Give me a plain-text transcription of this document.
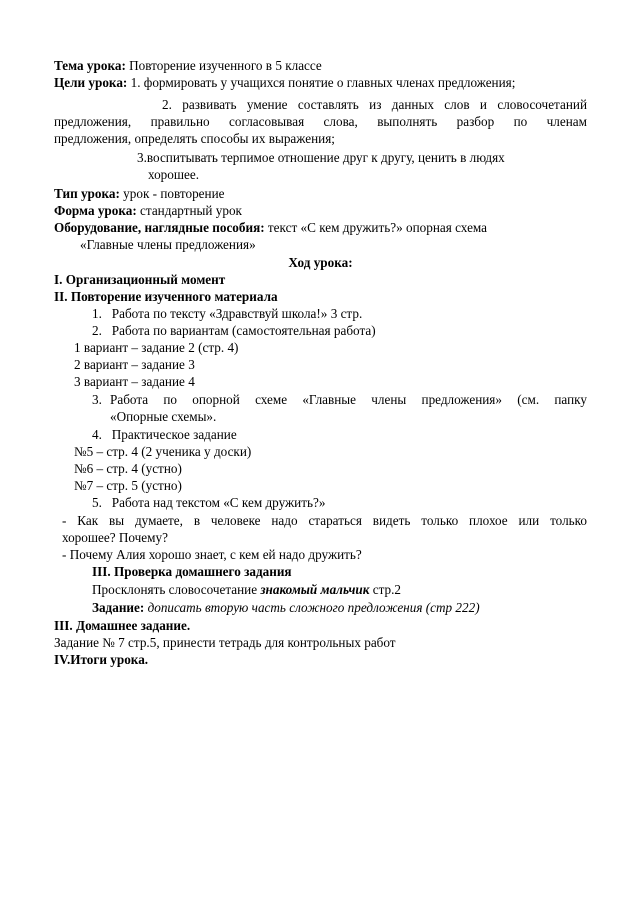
Тема урока: Повторение изученного в 5 классе
Цели урока: 1. формировать у учащихся понятие о главных членах предложения;
2. развивать умение составлять из данных слов и словосочетаний
предложения, правильно согласовывая слова, выполнять разбор по членам
предложения, определять способы их выражения;
3.воспитывать терпимое отношение друг к другу, ценить в людях
хорошее.
Тип урока: урок - повторение
Форма урока: стандартный урок
Оборудование, наглядные пособия: текст «С кем дружить?» опорная схема
«Главные члены предложения»
Ход урока:
I. Организационный момент
II. Повторение изученного материала
1.   Работа по тексту «Здравствуй школа!» 3 стр.
2.   Работа по вариантам (самостоятельная работа)
1 вариант – задание 2 (стр. 4)
2 вариант – задание 3
3 вариант – задание 4
3. Работа по опорной схеме «Главные члены предложения» (см. папку
«Опорные схемы».
4.   Практическое задание
№5 – стр. 4 (2 ученика у доски)
№6 – стр. 4 (устно)
№7 – стр. 5 (устно)
5.   Работа над текстом «С кем дружить?»
- Как вы думаете, в человеке надо стараться видеть только плохое или только
хорошее? Почему?
- Почему Алия хорошо знает, с кем ей надо дружить?
III. Проверка домашнего задания
Просклонять словосочетание знакомый мальчик стр.2
Задание: дописать вторую часть сложного предложения (стр 222)
III. Домашнее задание.
Задание № 7 стр.5, принести тетрадь для контрольных работ
IV.Итоги урока.
